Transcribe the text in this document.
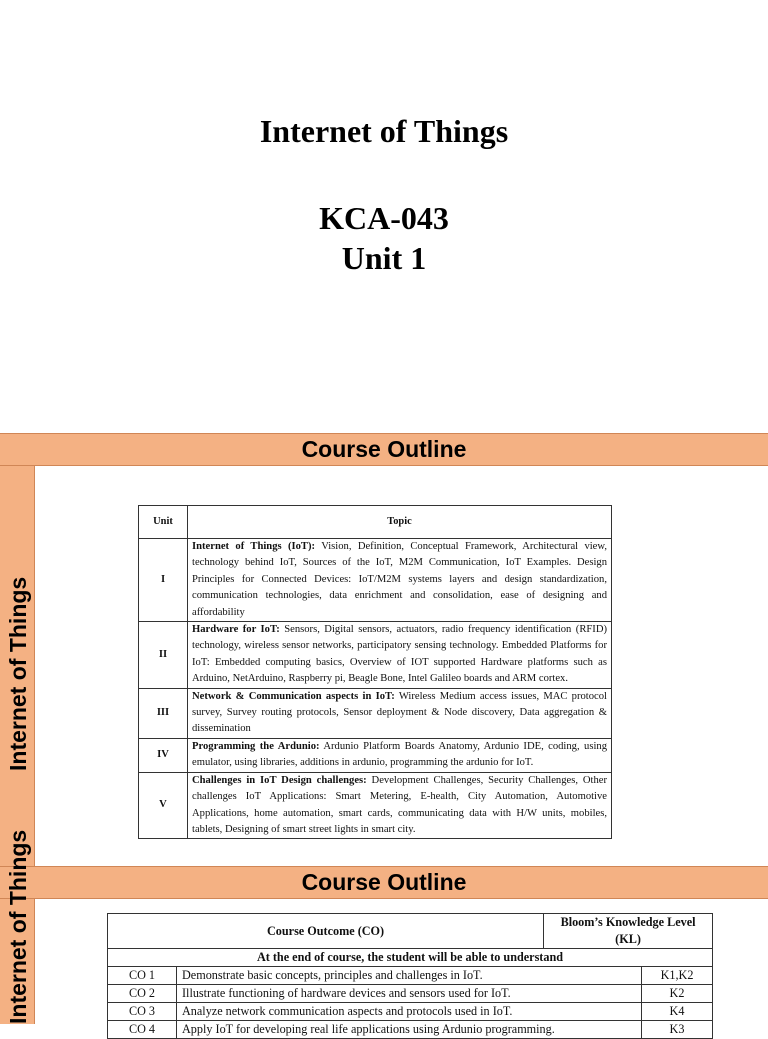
Internet of Things
KCA-043
Unit 1
Course Outline
Internet of Things
Unit	Topic
I	Internet of Things (IoT): Vision, Definition, Conceptual Framework, Architectural view, technology behind IoT, Sources of the IoT, M2M Communication, IoT Examples. Design Principles for Connected Devices: IoT/M2M systems layers and design standardization, communication technologies, data enrichment and consolidation, ease of designing and affordability
II	Hardware for IoT: Sensors, Digital sensors, actuators, radio frequency identification (RFID) technology, wireless sensor networks, participatory sensing technology. Embedded Platforms for IoT: Embedded computing basics, Overview of IOT supported Hardware platforms such as Arduino, NetArduino, Raspberry pi, Beagle Bone, Intel Galileo boards and ARM cortex.
III	Network & Communication aspects in IoT: Wireless Medium access issues, MAC protocol survey, Survey routing protocols, Sensor deployment & Node discovery, Data aggregation & dissemination
IV	Programming the Ardunio: Ardunio Platform Boards Anatomy, Ardunio IDE, coding, using emulator, using libraries, additions in ardunio, programming the ardunio for IoT.
V	Challenges in IoT Design challenges: Development Challenges, Security Challenges, Other challenges IoT Applications: Smart Metering, E-health, City Automation, Automotive Applications, home automation, smart cards, communicating data with H/W units, mobiles, tablets, Designing of smart street lights in smart city.
Course Outline
Internet of Things	Course Outcome (CO)		Bloom’s Knowledge Level (KL)	
At the end of course, the student will be able to understand			
CO 1	Demonstrate basic concepts, principles and challenges in IoT.		K1,K2
CO 2	Illustrate functioning of hardware devices and sensors used for IoT.		K2
CO 3	Analyze network communication aspects and protocols used in IoT.		K4
CO 4	Apply IoT for developing real life applications using Ardunio programming.		K3
